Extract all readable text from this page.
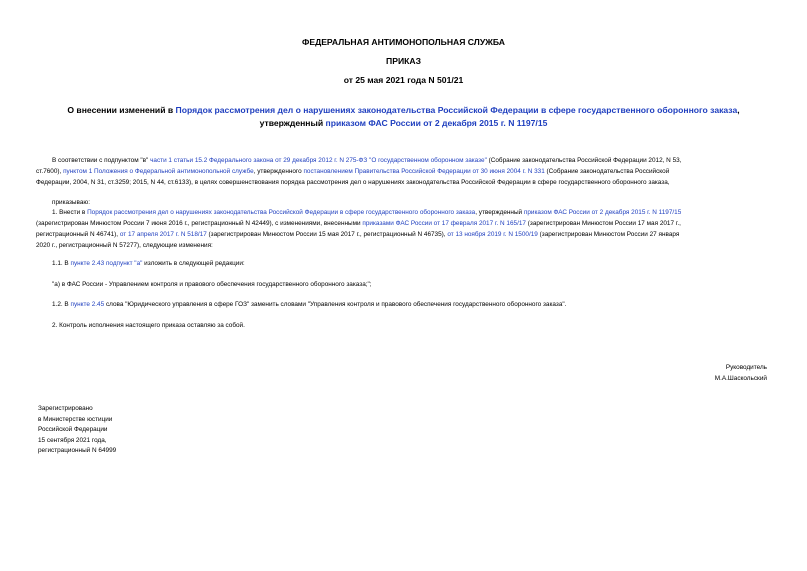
ФЕДЕРАЛЬНАЯ АНТИМОНОПОЛЬНАЯ СЛУЖБА
ПРИКАЗ
от 25 мая 2021 года N 501/21
О внесении изменений в Порядок рассмотрения дел о нарушениях законодательства Российской Федерации в сфере государственного оборонного заказа,
утвержденный приказом ФАС России от 2 декабря 2015 г. N 1197/15
В соответствии с подпунктом "в" части 1 статьи 15.2 Федерального закона от 29 декабря 2012 г. N 275-ФЗ "О государственном оборонном заказе" (Собрание законодательства Российской Федерации 2012, N 53,
ст.7600), пунктом 1 Положения о Федеральной антимонопольной службе, утвержденного постановлением Правительства Российской Федерации от 30 июня 2004 г. N 331 (Собрание законодательства Российской
Федерации, 2004, N 31, ст.3259; 2015, N 44, ст.6133), в целях совершенствования порядка рассмотрения дел о нарушениях законодательства Российской Федерации в сфере государственного оборонного заказа,
приказываю:
1. Внести в Порядок рассмотрения дел о нарушениях законодательства Российской Федерации в сфере государственного оборонного заказа, утвержденный приказом ФАС России от 2 декабря 2015 г. N 1197/15
(зарегистрирован Минюстом России 7 июня 2016 г., регистрационный N 42449), с изменениями, внесенными приказами ФАС России от 17 февраля 2017 г. N 165/17 (зарегистрирован Минюстом России 17 мая 2017 г.,
регистрационный N 46741), от 17 апреля 2017 г. N 518/17 (зарегистрирован Минюстом России 15 мая 2017 г., регистрационный N 46735), от 13 ноября 2019 г. N 1500/19 (зарегистрирован Минюстом России 27 января
2020 г., регистрационный N 57277), следующие изменения:
1.1. В пункте 2.43 подпункт "а" изложить в следующей редакции:
"а) в ФАС России - Управлением контроля и правового обеспечения государственного оборонного заказа;";
1.2. В пункте 2.45 слова "Юридического управления в сфере ГОЗ" заменить словами "Управления контроля и правового обеспечения государственного оборонного заказа".
2. Контроль исполнения настоящего приказа оставляю за собой.
Руководитель
М.А.Шаскольский
Зарегистрировано
в Министерстве юстиции
Российской Федерации
15 сентября 2021 года,
регистрационный N 64999
